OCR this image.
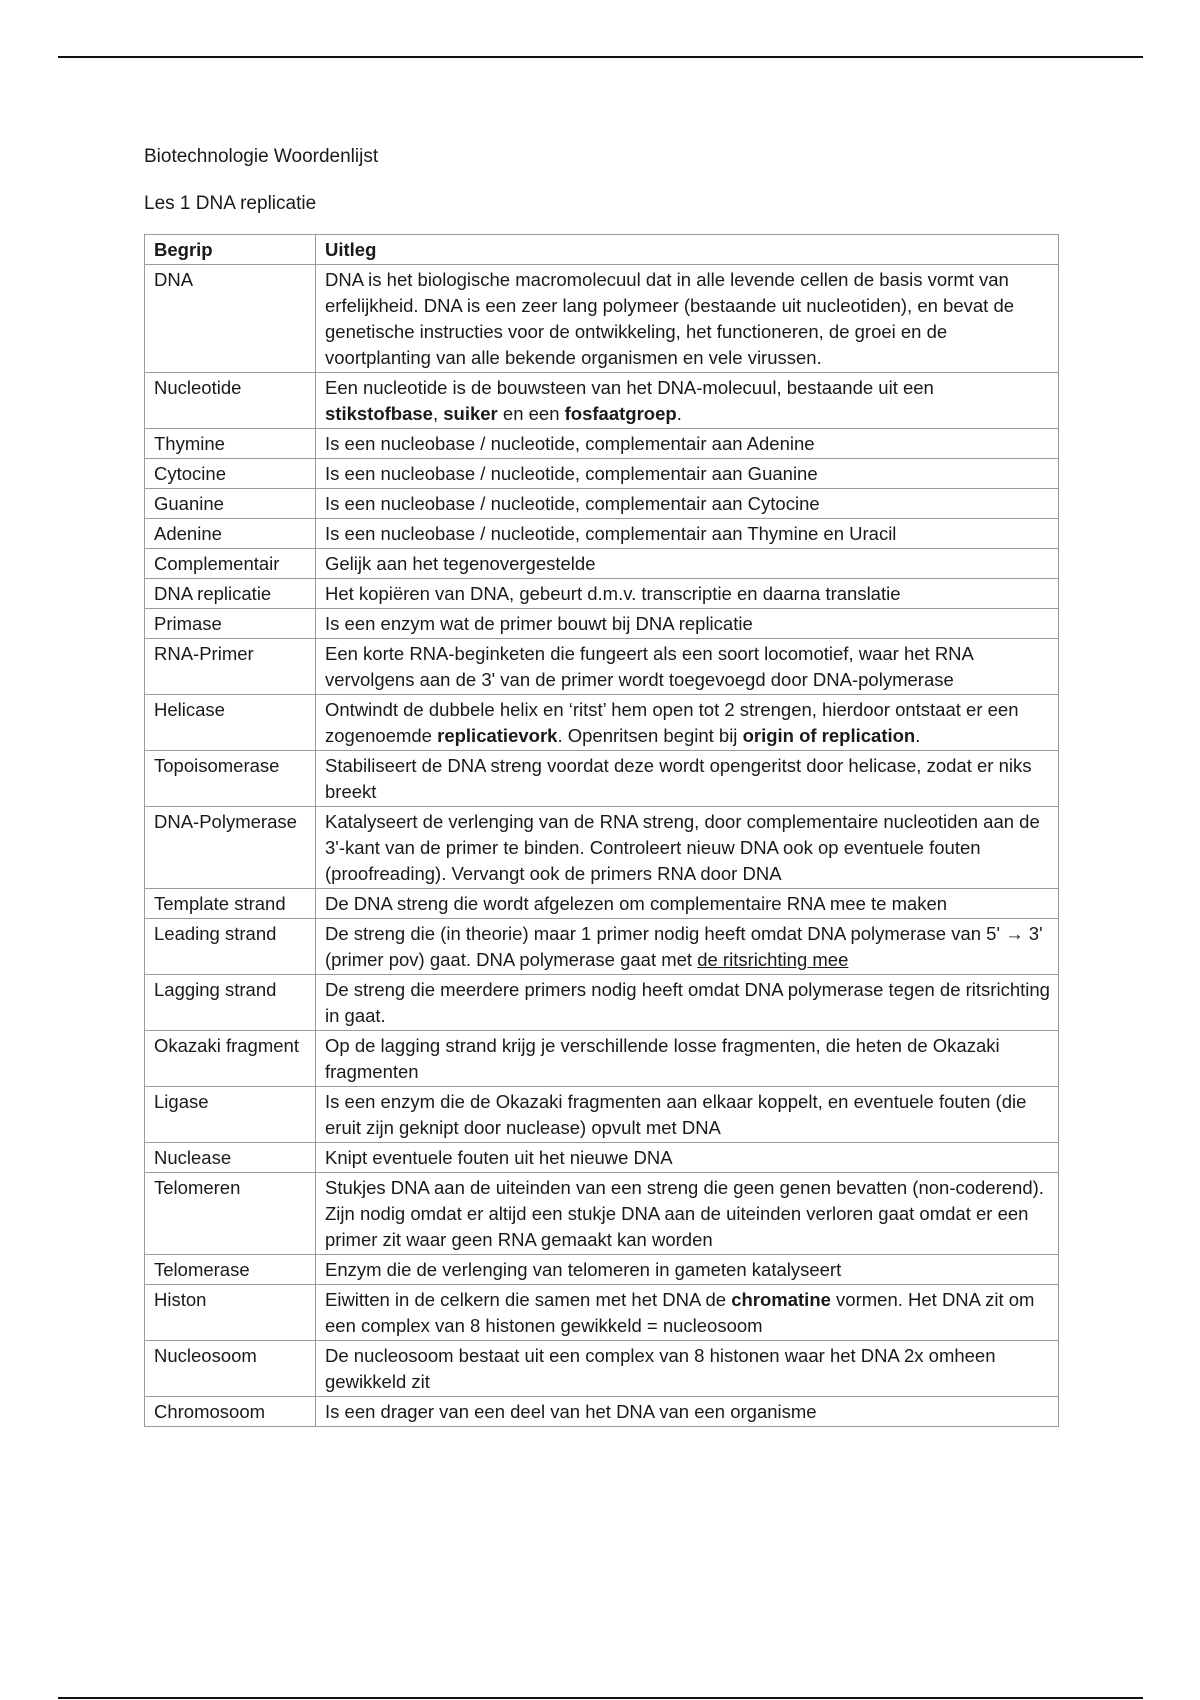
Biotechnologie Woordenlijst
Les 1 DNA replicatie
Begrip	Uitleg
DNA	DNA is het biologische macromolecuul dat in alle levende cellen de basis vormt van erfelijkheid. DNA is een zeer lang polymeer (bestaande uit nucleotiden), en bevat de genetische instructies voor de ontwikkeling, het functioneren, de groei en de voortplanting van alle bekende organismen en vele virussen.
Nucleotide	Een nucleotide is de bouwsteen van het DNA-molecuul, bestaande uit een stikstofbase, suiker en een fosfaatgroep.
Thymine	Is een nucleobase / nucleotide, complementair aan Adenine
Cytocine	Is een nucleobase / nucleotide, complementair aan Guanine
Guanine	Is een nucleobase / nucleotide, complementair aan Cytocine
Adenine	Is een nucleobase / nucleotide, complementair aan Thymine en Uracil
Complementair	Gelijk aan het tegenovergestelde
DNA replicatie	Het kopiëren van DNA, gebeurt d.m.v. transcriptie en daarna translatie
Primase	Is een enzym wat de primer bouwt bij DNA replicatie
RNA-Primer	Een korte RNA-beginketen die fungeert als een soort locomotief, waar het RNA vervolgens aan de 3' van de primer wordt toegevoegd door DNA-polymerase
Helicase	Ontwindt de dubbele helix en ‘ritst’ hem open tot 2 strengen, hierdoor ontstaat er een zogenoemde replicatievork. Openritsen begint bij origin of replication.
Topoisomerase	Stabiliseert de DNA streng voordat deze wordt opengeritst door helicase, zodat er niks breekt
DNA-Polymerase	Katalyseert de verlenging van de RNA streng, door complementaire nucleotiden aan de 3'-kant van de primer te binden. Controleert nieuw DNA ook op eventuele fouten (proofreading). Vervangt ook de primers RNA door DNA
Template strand	De DNA streng die wordt afgelezen om complementaire RNA mee te maken
Leading strand	De streng die (in theorie) maar 1 primer nodig heeft omdat DNA polymerase van 5' → 3' (primer pov) gaat. DNA polymerase gaat met de ritsrichting mee
Lagging strand	De streng die meerdere primers nodig heeft omdat DNA polymerase tegen de ritsrichting in gaat.
Okazaki fragment	Op de lagging strand krijg je verschillende losse fragmenten, die heten de Okazaki fragmenten
Ligase	Is een enzym die de Okazaki fragmenten aan elkaar koppelt, en eventuele fouten (die eruit zijn geknipt door nuclease) opvult met DNA
Nuclease	Knipt eventuele fouten uit het nieuwe DNA
Telomeren	Stukjes DNA aan de uiteinden van een streng die geen genen bevatten (non-coderend). Zijn nodig omdat er altijd een stukje DNA aan de uiteinden verloren gaat omdat er een primer zit waar geen RNA gemaakt kan worden
Telomerase	Enzym die de verlenging van telomeren in gameten katalyseert
Histon	Eiwitten in de celkern die samen met het DNA de chromatine vormen. Het DNA zit om een complex van 8 histonen gewikkeld = nucleosoom
Nucleosoom	De nucleosoom bestaat uit een complex van 8 histonen waar het DNA 2x omheen gewikkeld zit
Chromosoom	Is een drager van een deel van het DNA van een organisme
